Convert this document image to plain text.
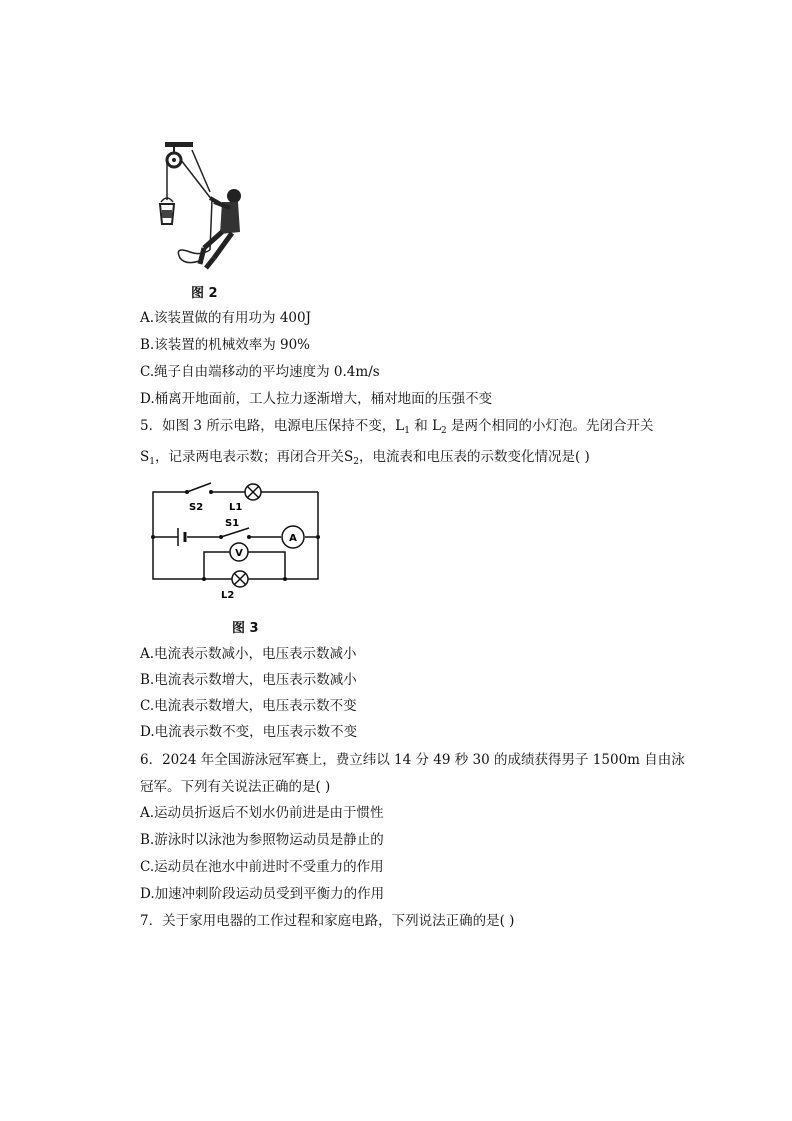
图 2
A.该装置做的有用功为 400J
B.该装置的机械效率为 90%
C.绳子自由端移动的平均速度为 0.4m/s
D.桶离开地面前，工人拉力逐渐增大，桶对地面的压强不变
5．如图 3 所示电路，电源电压保持不变，$L_1$ 和 $L_2$ 是两个相同的小灯泡。先闭合开关
$S_1$，记录两电表示数；再闭合开关$S_2$，电流表和电压表的示数变化情况是( )
A
V
S2	L1
S1
L2
图 3
A.电流表示数减小，电压表示数减小
B.电流表示数增大，电压表示数减小
C.电流表示数增大，电压表示数不变
D.电流表示数不变，电压表示数不变
6．2024 年全国游泳冠军赛上，费立纬以 14 分 49 秒 30 的成绩获得男子 1500m 自由泳
冠军。下列有关说法正确的是( )
A.运动员折返后不划水仍前进是由于惯性
B.游泳时以泳池为参照物运动员是静止的
C.运动员在池水中前进时不受重力的作用
D.加速冲刺阶段运动员受到平衡力的作用
7．关于家用电器的工作过程和家庭电路，下列说法正确的是( )
